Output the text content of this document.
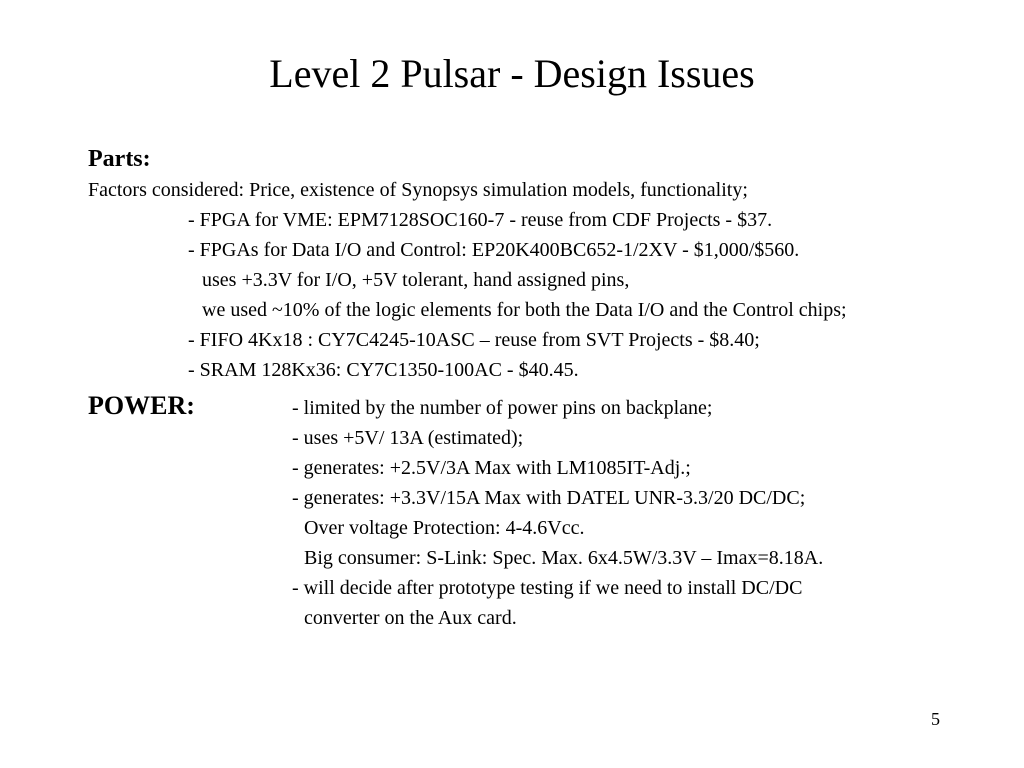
Level 2 Pulsar - Design Issues
Parts:
Factors considered: Price, existence of Synopsys simulation models, functionality;
- FPGA for VME: EPM7128SOC160-7 - reuse from CDF Projects - $37.
- FPGAs for Data I/O and Control: EP20K400BC652-1/2XV - $1,000/$560.
uses +3.3V for I/O, +5V tolerant, hand assigned pins,
we used ~10% of the logic elements for both the Data I/O and the Control chips;
- FIFO 4Kx18 : CY7C4245-10ASC – reuse from SVT Projects - $8.40;
- SRAM 128Kx36: CY7C1350-100AC - $40.45.
POWER:	- limited by the number of power pins on backplane;
- uses +5V/ 13A (estimated);
- generates: +2.5V/3A Max with LM1085IT-Adj.;
- generates: +3.3V/15A Max with DATEL UNR-3.3/20 DC/DC;
Over voltage Protection: 4-4.6Vcc.
Big consumer: S-Link: Spec. Max. 6x4.5W/3.3V – Imax=8.18A.
- will decide after prototype testing if we need to install DC/DC
converter on the Aux card.
5
